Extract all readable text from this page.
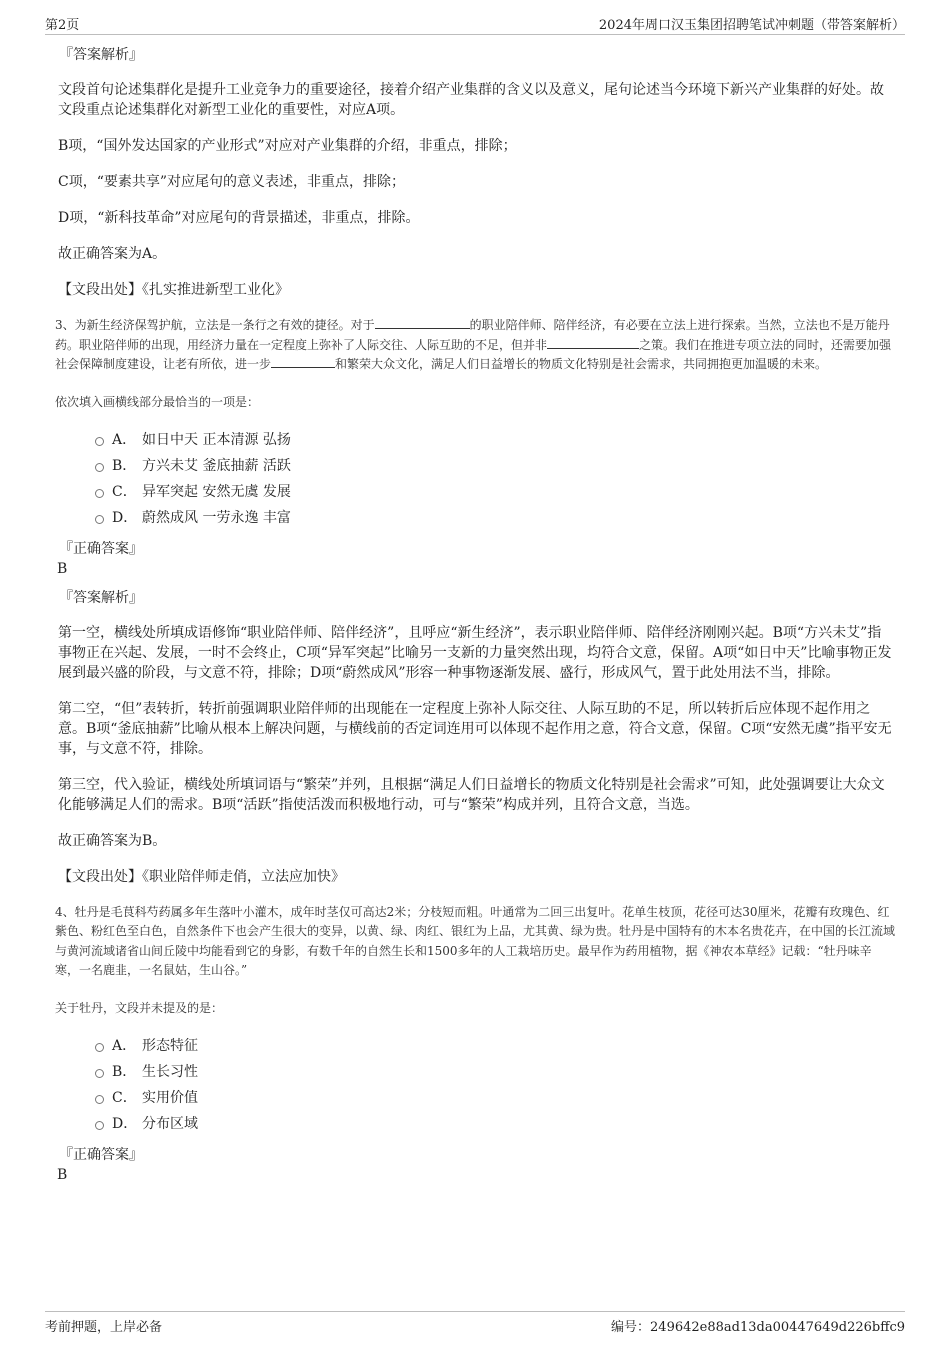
第2页	2024年周口汉玉集团招聘笔试冲刺题（带答案解析）
『答案解析』
文段首句论述集群化是提升工业竞争力的重要途径，接着介绍产业集群的含义以及意义，尾句论述当今环境下新兴产业集群的好处。故文段重点论述集群化对新型工业化的重要性，对应A项。
B项，“国外发达国家的产业形式”对应对产业集群的介绍，非重点，排除；
C项，“要素共享”对应尾句的意义表述，非重点，排除；
D项，“新科技革命”对应尾句的背景描述，非重点，排除。
故正确答案为A。
【文段出处】《扎实推进新型工业化》
3、为新生经济保驾护航，立法是一条行之有效的捷径。对于	的职业陪伴师、陪伴经济，有必要在立法上进行探索。当然，立法也不是万能丹药。职业陪伴师的出现，用经济力量在一定程度上弥补了人际交往、人际互助的不足，但并非	之策。我们在推进专项立法的同时，还需要加强社会保障制度建设，让老有所依，进一步	和繁荣大众文化，满足人们日益增长的物质文化特别是社会需求，共同拥抱更加温暖的未来。
依次填入画横线部分最恰当的一项是：
A． 如日中天 正本清源 弘扬
B． 方兴未艾 釜底抽薪 活跃
C． 异军突起 安然无虞 发展
D． 蔚然成风 一劳永逸 丰富
『正确答案』
B
『答案解析』
第一空，横线处所填成语修饰“职业陪伴师、陪伴经济”，且呼应“新生经济”，表示职业陪伴师、陪伴经济刚刚兴起。B项“方兴未艾”指事物正在兴起、发展，一时不会终止，C项“异军突起”比喻另一支新的力量突然出现，均符合文意，保留。A项“如日中天”比喻事物正发展到最兴盛的阶段，与文意不符，排除；D项“蔚然成风”形容一种事物逐渐发展、盛行，形成风气，置于此处用法不当，排除。
第二空，“但”表转折，转折前强调职业陪伴师的出现能在一定程度上弥补人际交往、人际互助的不足，所以转折后应体现不起作用之意。B项“釜底抽薪”比喻从根本上解决问题，与横线前的否定词连用可以体现不起作用之意，符合文意，保留。C项“安然无虞”指平安无事，与文意不符，排除。
第三空，代入验证，横线处所填词语与“繁荣”并列，且根据“满足人们日益增长的物质文化特别是社会需求”可知，此处强调要让大众文化能够满足人们的需求。B项“活跃”指使活泼而积极地行动，可与“繁荣”构成并列，且符合文意，当选。
故正确答案为B。
【文段出处】《职业陪伴师走俏，立法应加快》
4、牡丹是毛茛科芍药属多年生落叶小灌木，成年时茎仅可高达2米；分枝短而粗。叶通常为二回三出复叶。花单生枝顶，花径可达30厘米，花瓣有玫瑰色、红紫色、粉红色至白色，自然条件下也会产生很大的变异，以黄、绿、肉红、银红为上品，尤其黄、绿为贵。牡丹是中国特有的木本名贵花卉，在中国的长江流域与黄河流域诸省山间丘陵中均能看到它的身影，有数千年的自然生长和1500多年的人工栽培历史。最早作为药用植物，据《神农本草经》记载：“牡丹味辛寒，一名鹿韭，一名鼠姑，生山谷。”
关于牡丹，文段并未提及的是：
A． 形态特征
B． 生长习性
C． 实用价值
D． 分布区域
『正确答案』
B
考前押题，上岸必备	编号：249642e88ad13da00447649d226bffc9
